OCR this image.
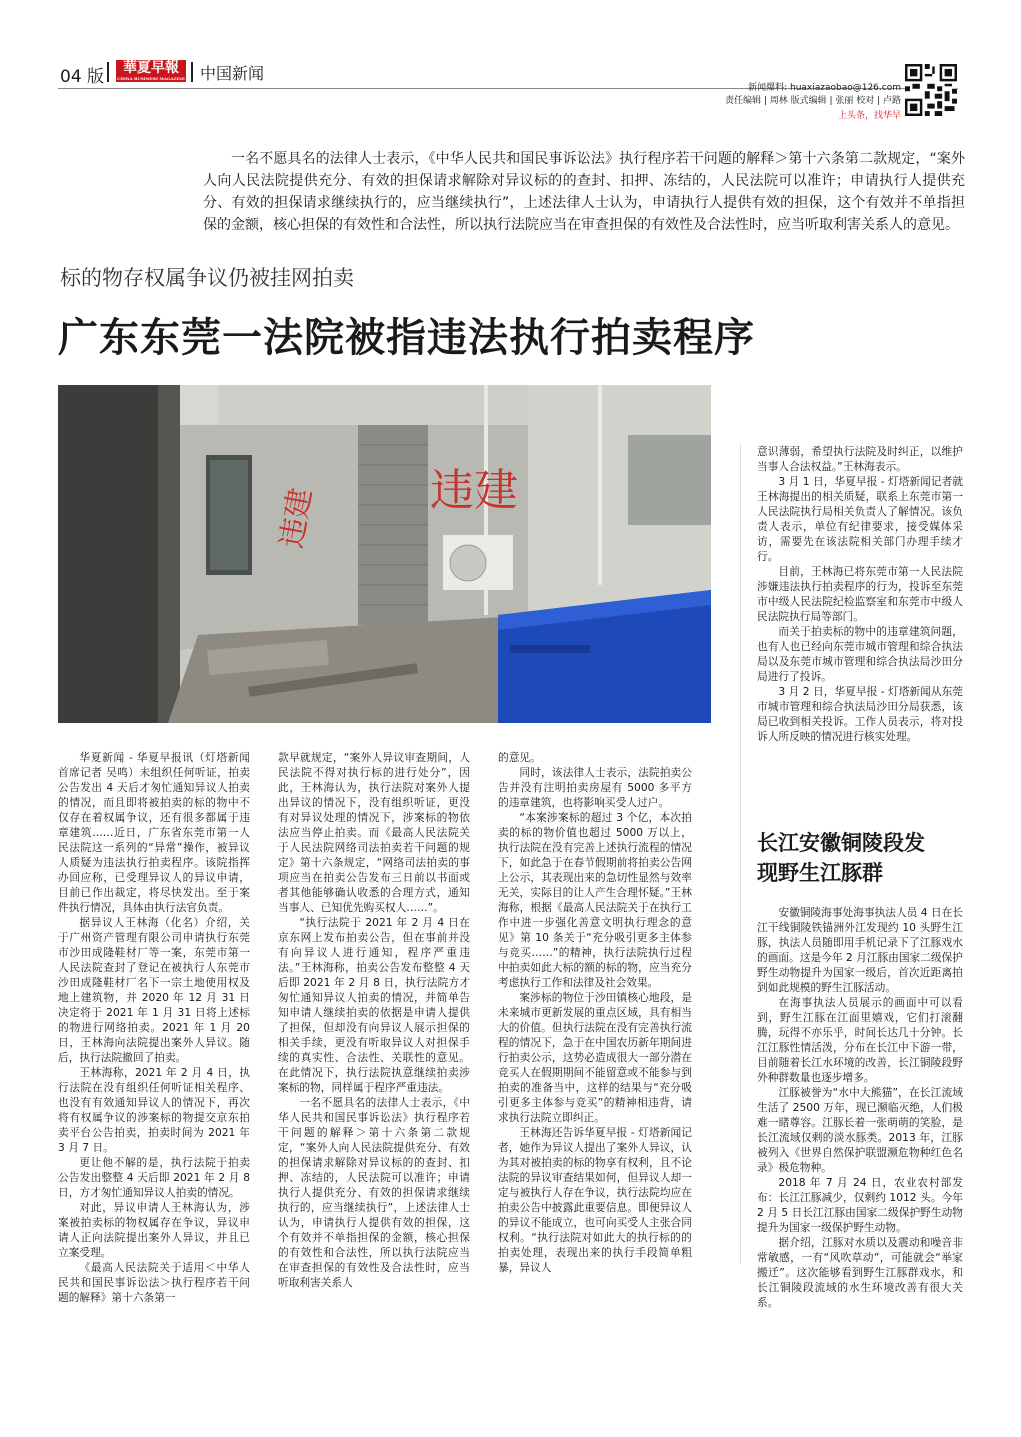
04 版	華夏早報
CHINA BUSINESS MAGAZINE 中国新闻
新闻爆料: huaxiazaobao@126.com
责任编辑 | 周林 版式编辑 | 张丽 校对 | 卢路
上头条，找华早
一名不愿具名的法律人士表示，《中华人民共和国民事诉讼法》执行程序若干问题的解释＞第十六条第二款规定，“案外人向人民法院提供充分、有效的担保请求解除对异议标的的查封、扣押、冻结的，人民法院可以准许；申请执行人提供充分、有效的担保请求继续执行的，应当继续执行”，上述法律人士认为，申请执行人提供有效的担保，这个有效并不单指担保的金额，核心担保的有效性和合法性，所以执行法院应当在审查担保的有效性及合法性时，应当听取利害关系人的意见。
标的物存权属争议仍被挂网拍卖
广东东莞一法院被指违法执行拍卖程序
违建	违建

华夏新闻 - 华夏早报讯（灯塔新闻首席记者 吴鸣）未组织任何听证，拍卖公告发出 4 天后才匆忙通知异议人拍卖的情况，而且即将被拍卖的标的物中不仅存在着权属争议，还有很多都属于违章建筑……近日，广东省东莞市第一人民法院这一系列的“异常”操作，被异议人质疑为违法执行拍卖程序。该院指挥办回应称，已受理异议人的异议申请，目前已作出裁定，将尽快发出。至于案件执行情况，具体由执行法官负责。

据异议人王林海（化名）介绍，关于广州资产管理有限公司申请执行东莞市沙田成隆鞋材厂等一案，东莞市第一人民法院查封了登记在被执行人东莞市沙田成隆鞋材厂名下一宗土地使用权及地上建筑物，并 2020 年 12 月 31 日决定将于 2021 年 1 月 31 日将上述标的物进行网络拍卖。2021 年 1 月 20 日，王林海向法院提出案外人异议。随后，执行法院撤回了拍卖。

王林海称，2021 年 2 月 4 日，执行法院在没有组织任何听证相关程序、也没有有效通知异议人的情况下，再次将有权属争议的涉案标的物提交京东拍卖平台公告拍卖，拍卖时间为 2021 年 3 月 7 日。

更让他不解的是，执行法院于拍卖公告发出整整 4 天后即 2021 年 2 月 8 日，方才匆忙通知异议人拍卖的情况。

对此，异议申请人王林海认为，涉案被拍卖标的物权属存在争议，异议申请人正向法院提出案外人异议，并且已立案受理。

《最高人民法院关于适用＜中华人民共和国民事诉讼法＞执行程序若干问题的解释》第十六条第一

款早就规定，“案外人异议审查期间，人民法院不得对执行标的进行处分”，因此，王林海认为，执行法院对案外人提出异议的情况下，没有组织听证，更没有对异议处理的情况下，涉案标的物依法应当停止拍卖。而《最高人民法院关于人民法院网络司法拍卖若干问题的规定》第十六条规定，“网络司法拍卖的事项应当在拍卖公告发布三日前以书面或者其他能够确认收悉的合理方式，通知当事人、已知优先购买权人……”。

“执行法院于 2021 年 2 月 4 日在京东网上发布拍卖公告，但在事前并没有向异议人进行通知，程序严重违法。”王林海称，拍卖公告发布整整 4 天后即 2021 年 2 月 8 日，执行法院方才匆忙通知异议人拍卖的情况，并简单告知申请人继续拍卖的依据是申请人提供了担保，但却没有向异议人展示担保的相关手续，更没有听取异议人对担保手续的真实性、合法性、关联性的意见。在此情况下，执行法院执意继续拍卖涉案标的物，同样属于程序严重违法。

一名不愿具名的法律人士表示，《中华人民共和国民事诉讼法》执行程序若干问题的解释＞第十六条第二款规定，“案外人向人民法院提供充分、有效的担保请求解除对异议标的的查封、扣押、冻结的，人民法院可以准许；申请执行人提供充分、有效的担保请求继续执行的，应当继续执行”，上述法律人士认为，申请执行人提供有效的担保，这个有效并不单指担保的金额，核心担保的有效性和合法性，所以执行法院应当在审查担保的有效性及合法性时，应当听取利害关系人

的意见。

同时，该法律人士表示，法院拍卖公告并没有注明拍卖房屋有 5000 多平方的违章建筑，也将影响买受人过户。

“本案涉案标的超过 3 个亿，本次拍卖的标的物价值也超过 5000 万以上，执行法院在没有完善上述执行流程的情况下，如此急于在春节假期前将拍卖公告网上公示，其表现出来的急切性显然与效率无关，实际目的让人产生合理怀疑。”王林海称，根据《最高人民法院关于在执行工作中进一步强化善意文明执行理念的意见》第 10 条关于“充分吸引更多主体参与竞买……”的精神，执行法院执行过程中拍卖如此大标的额的标的物，应当充分考虑执行工作和法律及社会效果。

案涉标的物位于沙田镇核心地段，是未来城市更新发展的重点区域，具有相当大的价值。但执行法院在没有完善执行流程的情况下，急于在中国农历新年期间进行拍卖公示，这势必造成很大一部分潜在竞买人在假期期间不能留意或不能参与到拍卖的准备当中，这样的结果与“充分吸引更多主体参与竞买”的精神相违背，请求执行法院立即纠正。

王林海还告诉华夏早报 - 灯塔新闻记者，她作为异议人提出了案外人异议，认为其对被拍卖的标的物享有权利，且不论法院的异议审查结果如何，但异议人却一定与被执行人存在争议，执行法院均应在拍卖公告中披露此重要信息。即便异议人的异议不能成立，也可向买受人主张合同权利。“执行法院对如此大的执行标的的拍卖处理，表现出来的执行手段简单粗暴，异议人

意识薄弱，希望执行法院及时纠正，以维护当事人合法权益。”王林海表示。

3 月 1 日，华夏早报 - 灯塔新闻记者就王林海提出的相关质疑，联系上东莞市第一人民法院执行局相关负责人了解情况。该负责人表示，单位有纪律要求，接受媒体采访，需要先在该法院相关部门办理手续才行。

目前，王林海已将东莞市第一人民法院涉嫌违法执行拍卖程序的行为，投诉至东莞市中级人民法院纪检监察室和东莞市中级人民法院执行局等部门。

而关于拍卖标的物中的违章建筑问题，也有人也已经向东莞市城市管理和综合执法局以及东莞市城市管理和综合执法局沙田分局进行了投诉。

3 月 2 日，华夏早报 - 灯塔新闻从东莞市城市管理和综合执法局沙田分局获悉，该局已收到相关投诉。工作人员表示，将对投诉人所反映的情况进行核实处理。

长江安徽铜陵段发
现野生江豚群

安徽铜陵海事处海事执法人员 4 日在长江干线铜陵铁锚洲外江发现约 10 头野生江豚，执法人员随即用手机记录下了江豚戏水的画面。这是今年 2 月江豚由国家二级保护野生动物提升为国家一级后，首次近距离拍到如此规模的野生江豚活动。

在海事执法人员展示的画面中可以看到，野生江豚在江面里嬉戏，它们打滚翻腾，玩得不亦乐乎，时间长达几十分钟。长江江豚性情活泼，分布在长江中下游一带，目前随着长江水环境的改善，长江铜陵段野外种群数量也逐步增多。

江豚被誉为“水中大熊猫”，在长江流域生活了 2500 万年，现已濒临灭绝，人们极难一睹尊容。江豚长着一张萌萌的笑脸，是长江流域仅剩的淡水豚类。2013 年，江豚被列入《世界自然保护联盟濒危物种红色名录》极危物种。

2018 年 7 月 24 日，农业农村部发布：长江江豚减少，仅剩约 1012 头。今年 2 月 5 日长江江豚由国家二级保护野生动物提升为国家一级保护野生动物。

据介绍，江豚对水质以及震动和噪音非常敏感，一有“风吹草动”，可能就会“举家搬迁”。这次能够看到野生江豚群戏水，和长江铜陵段流域的水生环境改善有很大关系。
